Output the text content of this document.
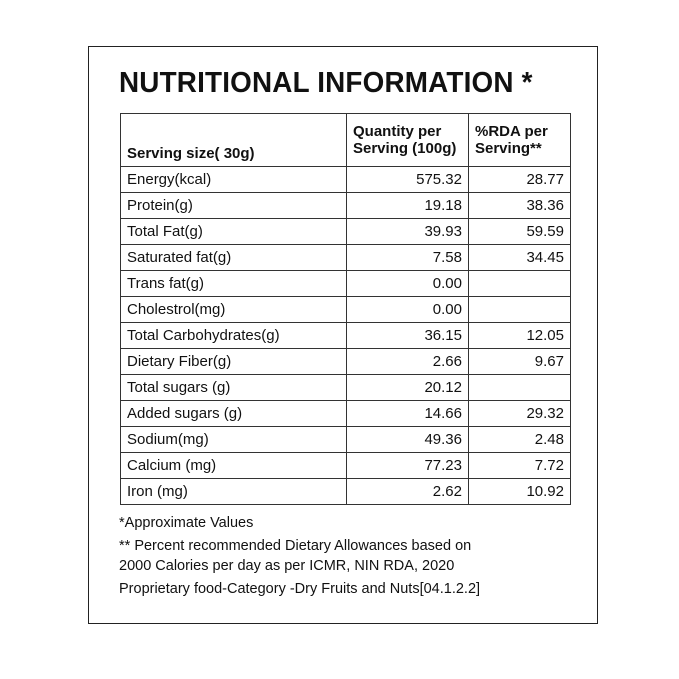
NUTRITIONAL INFORMATION *
Serving size( 30g)	Quantity per Serving (100g)	%RDA per Serving**
Energy(kcal)	575.32	28.77
Protein(g)	19.18	38.36
Total Fat(g)	39.93	59.59
Saturated fat(g)	7.58	34.45
Trans fat(g)	0.00	
Cholestrol(mg)	0.00	
Total Carbohydrates(g)	36.15	12.05
Dietary Fiber(g)	2.66	9.67
Total sugars (g)	20.12	
Added sugars (g)	14.66	29.32
Sodium(mg)	49.36	2.48
Calcium (mg)	77.23	7.72
Iron (mg)	2.62	10.92
*Approximate Values
** Percent recommended Dietary Allowances based on
2000 Calories per day as per ICMR, NIN RDA, 2020
Proprietary food-Category -Dry Fruits and Nuts[04.1.2.2]
